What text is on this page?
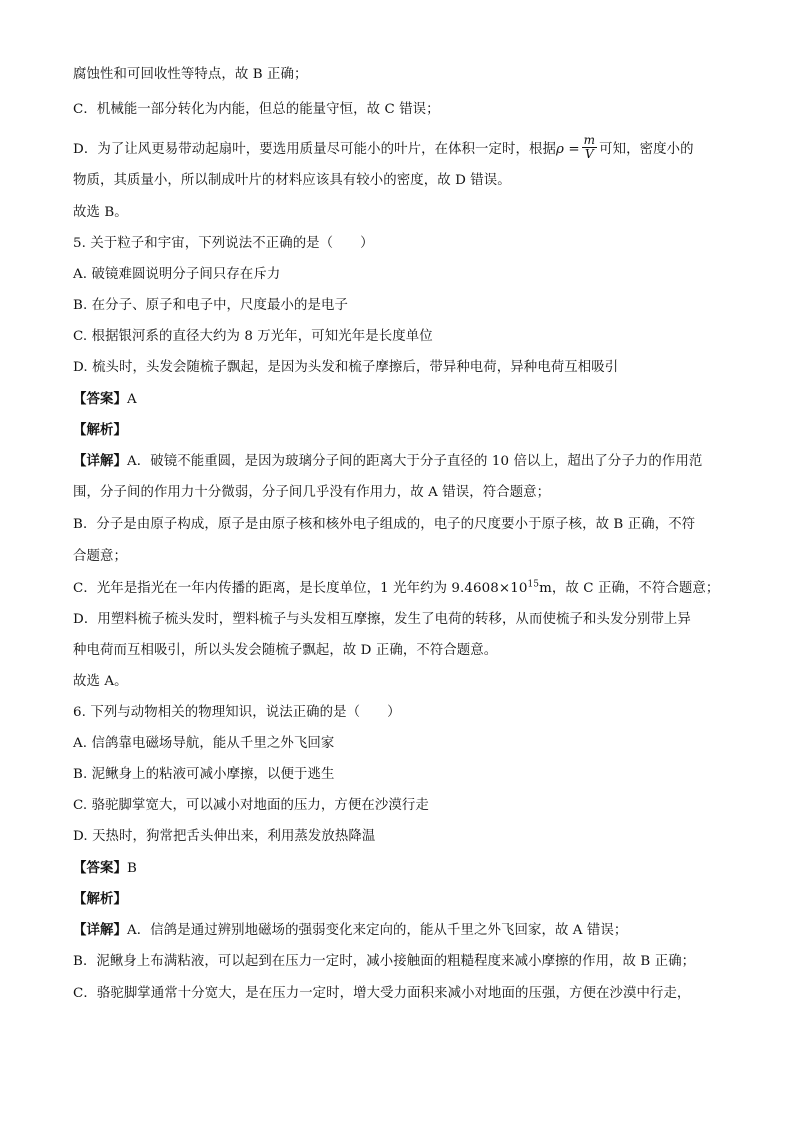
腐蚀性和可回收性等特点，故 B 正确；
C．机械能一部分转化为内能，但总的能量守恒，故 C 错误；
D．为了让风更易带动起扇叶，要选用质量尽可能小的叶片，在体积一定时，根据$\rho = \frac{m}{V}$ 可知，密度小的
物质，其质量小，所以制成叶片的材料应该具有较小的密度，故 D 错误。
故选 B。
5. 关于粒子和宇宙，下列说法不正确的是（　　）
A. 破镜难圆说明分子间只存在斥力
B. 在分子、原子和电子中，尺度最小的是电子
C. 根据银河系的直径大约为 8 万光年，可知光年是长度单位
D. 梳头时，头发会随梳子飘起，是因为头发和梳子摩擦后，带异种电荷，异种电荷互相吸引
【答案】A
【解析】
【详解】A．破镜不能重圆，是因为玻璃分子间的距离大于分子直径的 10 倍以上，超出了分子力的作用范
围，分子间的作用力十分微弱，分子间几乎没有作用力，故 A 错误，符合题意；
B．分子是由原子构成，原子是由原子核和核外电子组成的，电子的尺度要小于原子核，故 B 正确，不符
合题意；
C．光年是指光在一年内传播的距离，是长度单位，1 光年约为 $9.4608\times 10^{15}m$，故 C 正确，不符合题意；
D．用塑料梳子梳头发时，塑料梳子与头发相互摩擦，发生了电荷的转移，从而使梳子和头发分别带上异
种电荷而互相吸引，所以头发会随梳子飘起，故 D 正确，不符合题意。
故选 A。
6. 下列与动物相关的物理知识，说法正确的是（　　）
A. 信鸽靠电磁场导航，能从千里之外飞回家
B. 泥鳅身上的粘液可减小摩擦，以便于逃生
C. 骆驼脚掌宽大，可以减小对地面的压力，方便在沙漠行走
D. 天热时，狗常把舌头伸出来，利用蒸发放热降温
【答案】B
【解析】
【详解】A．信鸽是通过辨别地磁场的强弱变化来定向的，能从千里之外飞回家，故 A 错误；
B．泥鳅身上布满粘液，可以起到在压力一定时，减小接触面的粗糙程度来减小摩擦的作用，故 B 正确；
C．骆驼脚掌通常十分宽大，是在压力一定时，增大受力面积来减小对地面的压强，方便在沙漠中行走，
